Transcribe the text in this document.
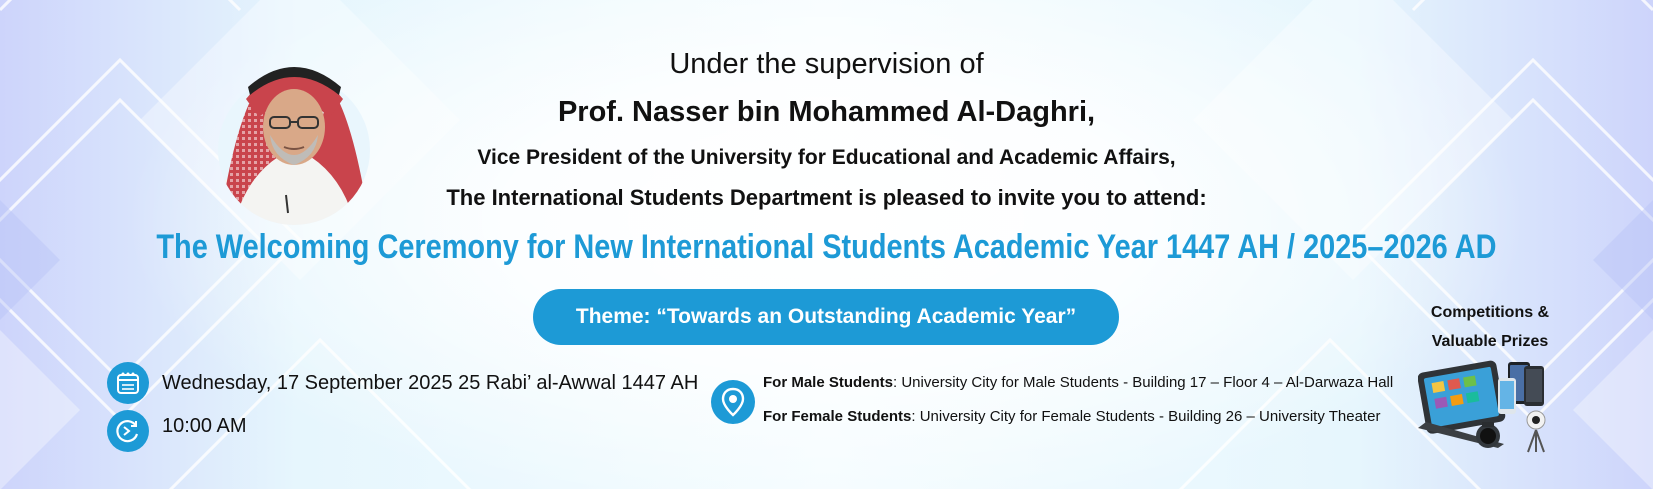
Under the supervision of
Prof. Nasser bin Mohammed Al-Daghri,
Vice President of the University for Educational and Academic Affairs,
The International Students Department is pleased to invite you to attend:
The Welcoming Ceremony for New International Students Academic Year 1447 AH / 2025–2026 AD
Theme: “Towards an Outstanding Academic Year”
Wednesday, 17 September 2025 25 Rabi’ al-Awwal 1447 AH
10:00 AM
For Male Students: University City for Male Students - Building 17 – Floor 4 – Al-Darwaza Hall
For Female Students: University City for Female Students - Building 26 – University Theater
Competitions &
Valuable Prizes
